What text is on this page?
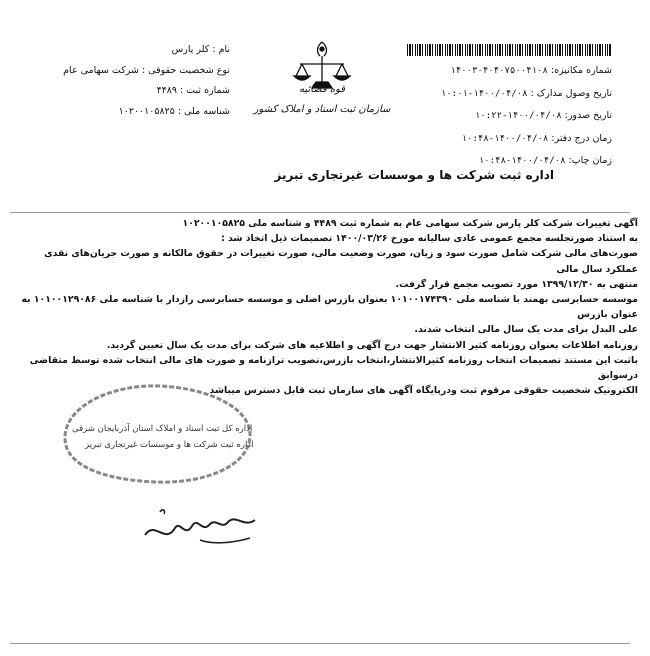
شماره مکانیزه: ۱۴۰۰۳۰۴۰۴۰۷۵۰۰۴۱۰۸
تاریخ وصول مدارک : ۱۴۰۰/۰۴/۰۸-۱۰:۰۱
تاریخ صدور: ۱۴۰۰/۰۴/۰۸-۱۰:۲۲
زمان درج دفتر: ۱۴۰۰/۰۴/۰۸-۱۰:۴۸
زمان چاپ: ۱۴۰۰/۰۴/۰۸-۱۰:۴۸
اداره ثبت شرکت ها و موسسات غیرتجاری تبریز
قوه قضائیه
سازمان ثبت اسناد و املاک کشور
نام : کلر پارس
نوع شخصیت حقوقی : شرکت سهامی عام
شماره ثبت : ۴۴۸۹
شناسه ملی : ۱۰۲۰۰۱۰۵۸۲۵

آگهی تغییرات شرکت کلر پارس شرکت سهامی عام به شماره ثبت ۴۴۸۹ و شناسه ملی ۱۰۲۰۰۱۰۵۸۲۵

به استناد صورتجلسه مجمع عمومی عادی سالیانه مورخ ۱۴۰۰/۰۳/۲۶ تصمیمات ذیل اتخاذ شد :

صورت‌های مالی شرکت شامل صورت سود و زیان، صورت وضعیت مالی، صورت تغییرات در حقوق مالکانه و صورت جریان‌های نقدی عملکرد سال مالی

منتهی به ۱۳۹۹/۱۲/۳۰ مورد تصویب مجمع قرار گرفت.

موسسه حسابرسی بهمند با شناسه ملی ۱۰۱۰۰۱۷۴۳۹۰ بعنوان بازرس اصلی و موسسه حسابرسی رازدار با شناسه ملی ۱۰۱۰۰۱۲۹۰۸۶ به عنوان بازرس

علی البدل برای مدت یک سال مالی انتخاب شدند.

روزنامه اطلاعات بعنوان روزنامه کثیر الانتشار جهت درج آگهی و اطلاعیه های شرکت برای مدت یک سال تعیین گردید.

باثبت این مستند تصمیمات انتخاب روزنامه کثیرالانتشار،انتخاب بازرس،تصویب ترازنامه و صورت های مالی انتخاب شده توسط متقاضی درسوابق

الکترونیک شخصیت حقوقی مرقوم ثبت ودرپایگاه آگهی های سازمان ثبت قابل دسترس میباشد

اداره کل ثبت اسناد و املاک استان آذربایجان شرقی
اداره ثبت شرکت ها و موسسات غیرتجاری تبریز
